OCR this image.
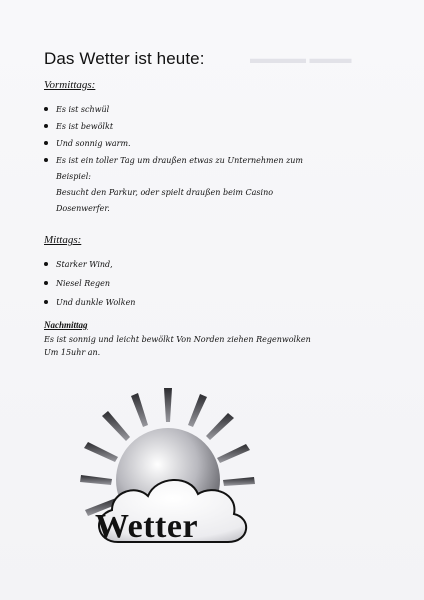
▬▬▬▬ ▬▬▬
Das Wetter ist heute:
Vormittags:
Es ist schwül
Es ist bewölkt
Und sonnig warm.
Es ist ein toller Tag um draußen etwas zu Unternehmen zum
Beispiel:
Besucht den Parkur, oder spielt draußen beim Casino
Dosenwerfer.
Mittags:
Starker Wind,
Niesel Regen
Und dunkle Wolken
Nachmittag
Es ist sonnig und leicht bewölkt Von Norden ziehen Regenwolken
Um 15uhr an.
Wetter
